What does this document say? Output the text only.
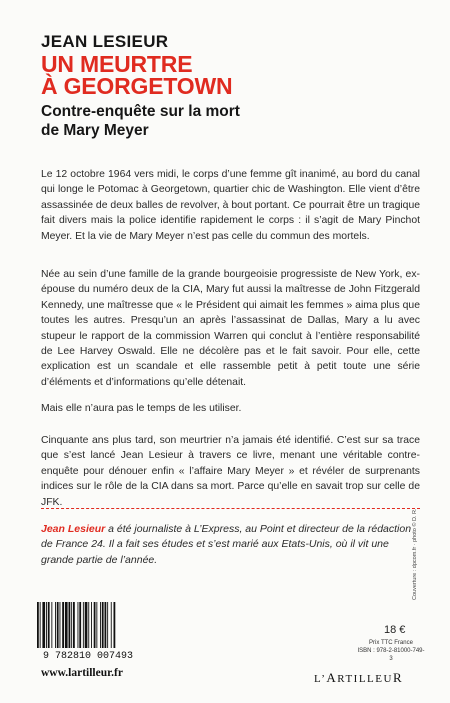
JEAN LESIEUR
UN MEURTRE
À GEORGETOWN
Contre-enquête sur la mort
de Mary Meyer
Le 12 octobre 1964 vers midi, le corps d’une femme gît inanimé, au bord du canal qui longe le Potomac à Georgetown, quartier chic de Washington. Elle vient d’être assassinée de deux balles de revolver, à bout portant. Ce pourrait être un tragique fait divers mais la police identifie rapidement le corps : il s’agit de Mary Pinchot Meyer. Et la vie de Mary Meyer n’est pas celle du commun des mortels.
Née au sein d’une famille de la grande bourgeoisie progressiste de New York, ex-épouse du numéro deux de la CIA, Mary fut aussi la maîtresse de John Fitzgerald Kennedy, une maîtresse que « le Président qui aimait les femmes » aima plus que toutes les autres. Presqu’un an après l’assassinat de Dallas, Mary a lu avec stupeur le rapport de la commission Warren qui conclut à l’entière responsabilité de Lee Harvey Oswald. Elle ne décolère pas et le fait savoir. Pour elle, cette explication est un scandale et elle rassemble petit à petit toute une série d’éléments et d’informations qu’elle détenait.
Mais elle n’aura pas le temps de les utiliser.
Cinquante ans plus tard, son meurtrier n’a jamais été identifié. C’est sur sa trace que s’est lancé Jean Lesieur à travers ce livre, menant une véritable contre-enquête pour dénouer enfin « l’affaire Mary Meyer » et révéler de surprenants indices sur le rôle de la CIA dans sa mort. Parce qu’elle en savait trop sur celle de JFK.
Jean Lesieur a été journaliste à L’Express, au Point et directeur de la rédaction de France 24. Il a fait ses études et s’est marié aux Etats-Unis, où il vit une grande partie de l’année.	Couverture : dpcom.fr · photo © D. R.
9 782810 007493
18 €
Prix TTC France
ISBN : 978-2-81000-749-3
www.lartilleur.fr	L’ARTILLEUR
